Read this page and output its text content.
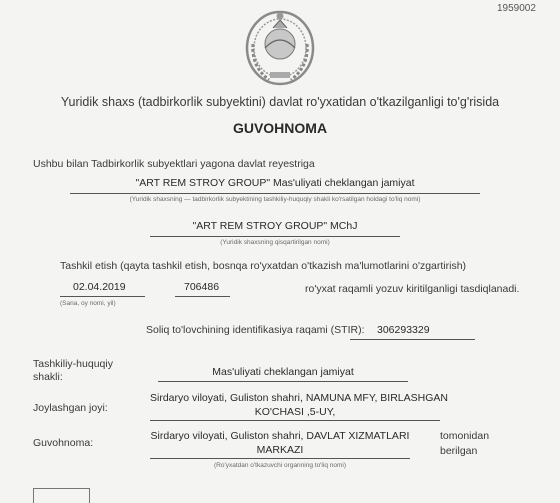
1959002
Yuridik shaxs (tadbirkorlik subyektini) davlat ro'yxatidan o'tkazilganligi to'g'risida
GUVOHNOMA
Ushbu bilan Tadbirkorlik subyektlari yagona davlat reyestriga
"ART REM STROY GROUP" Mas'uliyati cheklangan jamiyat
(Yuridik shaxsning — tadbirkorlik subyektining tashkiliy-huquqiy shakli ko'rsatilgan holdagi to'liq nomi)
"ART REM STROY GROUP" MChJ
(Yuridik shaxsning qisqartirilgan nomi)
Tashkil etish (qayta tashkil etish, bosnqa ro'yxatdan o'tkazish ma'lumotlarini o'zgartirish)
02.04.2019	706486	ro'yxat raqamli yozuv kiritilganligi tasdiqlanadi.
(Sana, oy nomi, yil)
Soliq to'lovchining identifikasiya raqami (STIR): 306293329
Tashkiliy-huquqiy shakli:	Mas'uliyati cheklangan jamiyat
Joylashgan joyi:
Sirdaryo viloyati, Guliston shahri, NAMUNA MFY, BIRLASHGAN
KO'CHASI ,5-UY,
Guvohnoma:
Sirdaryo viloyati, Guliston shahri, DAVLAT XIZMATLARI
MARKAZI
tomonidan
berilgan
(Ro'yxatdan o'tkazuvchi organning to'liq nomi)
